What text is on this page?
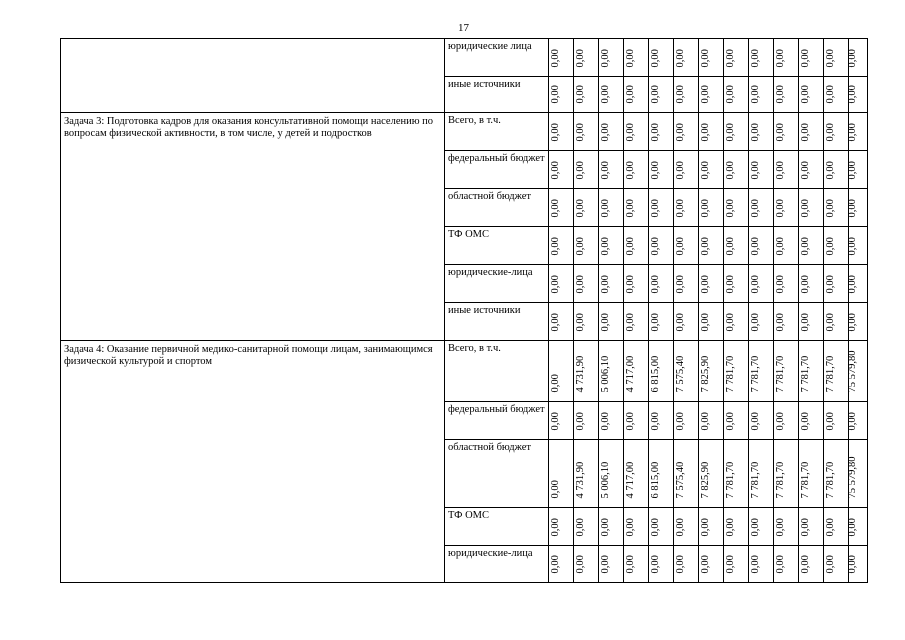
17

	юридические лица	0,00	0,00	0,00	0,00	0,00	0,00	0,00	0,00	0,00	0,00	0,00	0,00	0,00

	иные источники	0,00	0,00	0,00	0,00	0,00	0,00	0,00	0,00	0,00	0,00	0,00	0,00	0,00

Задача 3: Подготовка кадров для оказания консультативной помощи населению по вопросам физической активности, в том числе, у детей и подростков	Всего, в т.ч.	0,00	0,00	0,00	0,00	0,00	0,00	0,00	0,00	0,00	0,00	0,00	0,00	0,00

	федеральный бюджет	0,00	0,00	0,00	0,00	0,00	0,00	0,00	0,00	0,00	0,00	0,00	0,00	0,00

	областной бюджет	0,00	0,00	0,00	0,00	0,00	0,00	0,00	0,00	0,00	0,00	0,00	0,00	0,00

	ТФ ОМС	0,00	0,00	0,00	0,00	0,00	0,00	0,00	0,00	0,00	0,00	0,00	0,00	0,00

	юридические-лица	0,00	0,00	0,00	0,00	0,00	0,00	0,00	0,00	0,00	0,00	0,00	0,00	0,00

	иные источники	0,00	0,00	0,00	0,00	0,00	0,00	0,00	0,00	0,00	0,00	0,00	0,00	0,00

Задача 4: Оказание первичной медико-санитарной помощи лицам, занимающимся физической культурой и спортом	Всего, в т.ч.	0,00	4 731,90	5 006,10	4 717,00	6 815,00	7 575,40	7 825,90	7 781,70	7 781,70	7 781,70	7 781,70	7 781,70	75 579,80

	федеральный бюджет	0,00	0,00	0,00	0,00	0,00	0,00	0,00	0,00	0,00	0,00	0,00	0,00	0,00

	областной бюджет	0,00	4 731,90	5 006,10	4 717,00	6 815,00	7 575,40	7 825,90	7 781,70	7 781,70	7 781,70	7 781,70	7 781,70	75 579,80

	ТФ ОМС	0,00	0,00	0,00	0,00	0,00	0,00	0,00	0,00	0,00	0,00	0,00	0,00	0,00

	юридические-лица	0,00	0,00	0,00	0,00	0,00	0,00	0,00	0,00	0,00	0,00	0,00	0,00	0,00
